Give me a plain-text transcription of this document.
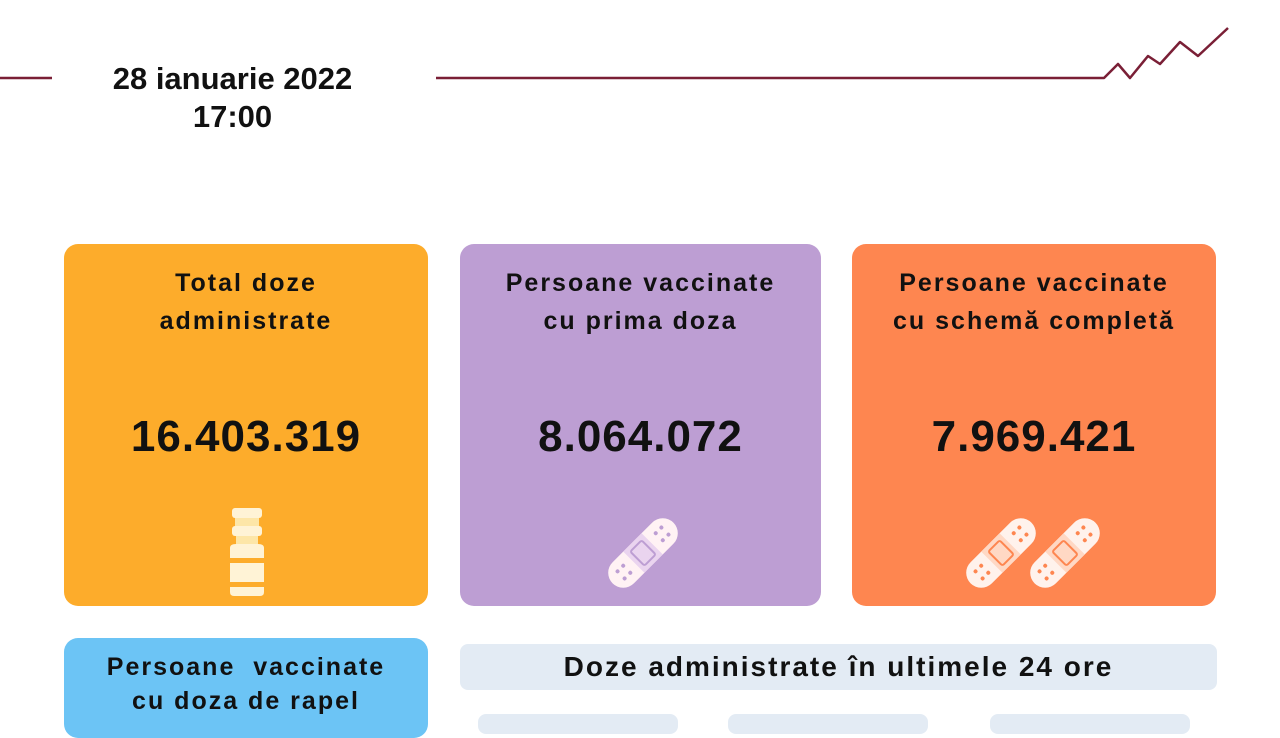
28 ianuarie 2022
17:00

Total doze

administrate

16.403.319

Persoane vaccinate

cu prima doza

8.064.072

Persoane vaccinate

cu schemă completă

7.969.421

Persoane  vaccinate

cu doza de rapel

Doze administrate în ultimele 24 ore
